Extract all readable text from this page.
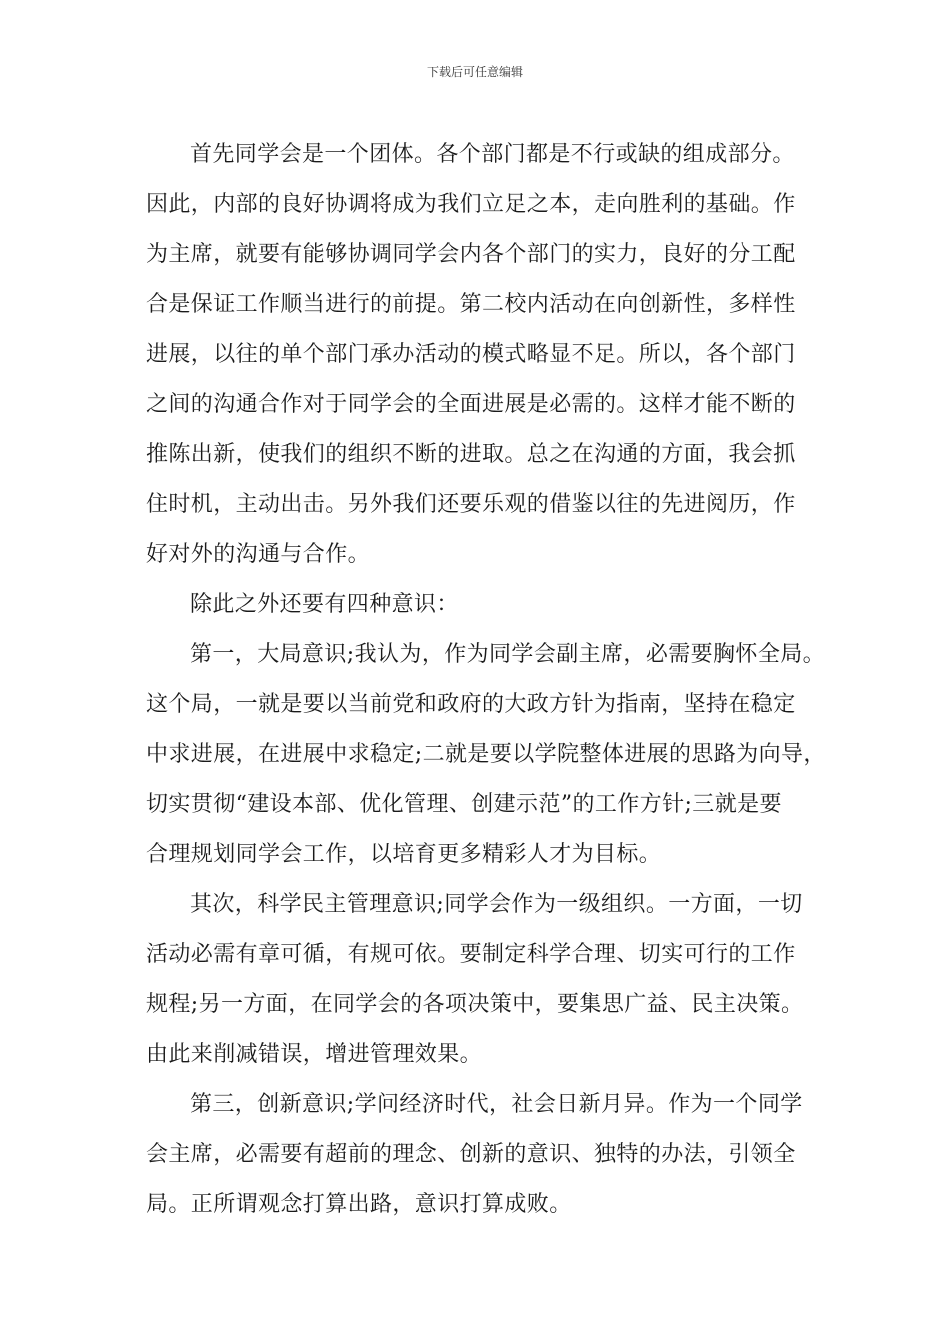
下载后可任意编辑
首先同学会是一个团体。各个部门都是不行或缺的组成部分。
因此，内部的良好协调将成为我们立足之本，走向胜利的基础。作
为主席，就要有能够协调同学会内各个部门的实力，良好的分工配
合是保证工作顺当进行的前提。第二校内活动在向创新性，多样性
进展，以往的单个部门承办活动的模式略显不足。所以，各个部门
之间的沟通合作对于同学会的全面进展是必需的。这样才能不断的
推陈出新，使我们的组织不断的进取。总之在沟通的方面，我会抓
住时机，主动出击。另外我们还要乐观的借鉴以往的先进阅历，作
好对外的沟通与合作。
除此之外还要有四种意识：
第一，大局意识;我认为，作为同学会副主席，必需要胸怀全局。
这个局，一就是要以当前党和政府的大政方针为指南，坚持在稳定
中求进展，在进展中求稳定;二就是要以学院整体进展的思路为向导，
切实贯彻“建设本部、优化管理、创建示范”的工作方针;三就是要
合理规划同学会工作，以培育更多精彩人才为目标。
其次，科学民主管理意识;同学会作为一级组织。一方面，一切
活动必需有章可循，有规可依。要制定科学合理、切实可行的工作
规程;另一方面，在同学会的各项决策中，要集思广益、民主决策。
由此来削减错误，增进管理效果。
第三，创新意识;学问经济时代，社会日新月异。作为一个同学
会主席，必需要有超前的理念、创新的意识、独特的办法，引领全
局。正所谓观念打算出路，意识打算成败。
